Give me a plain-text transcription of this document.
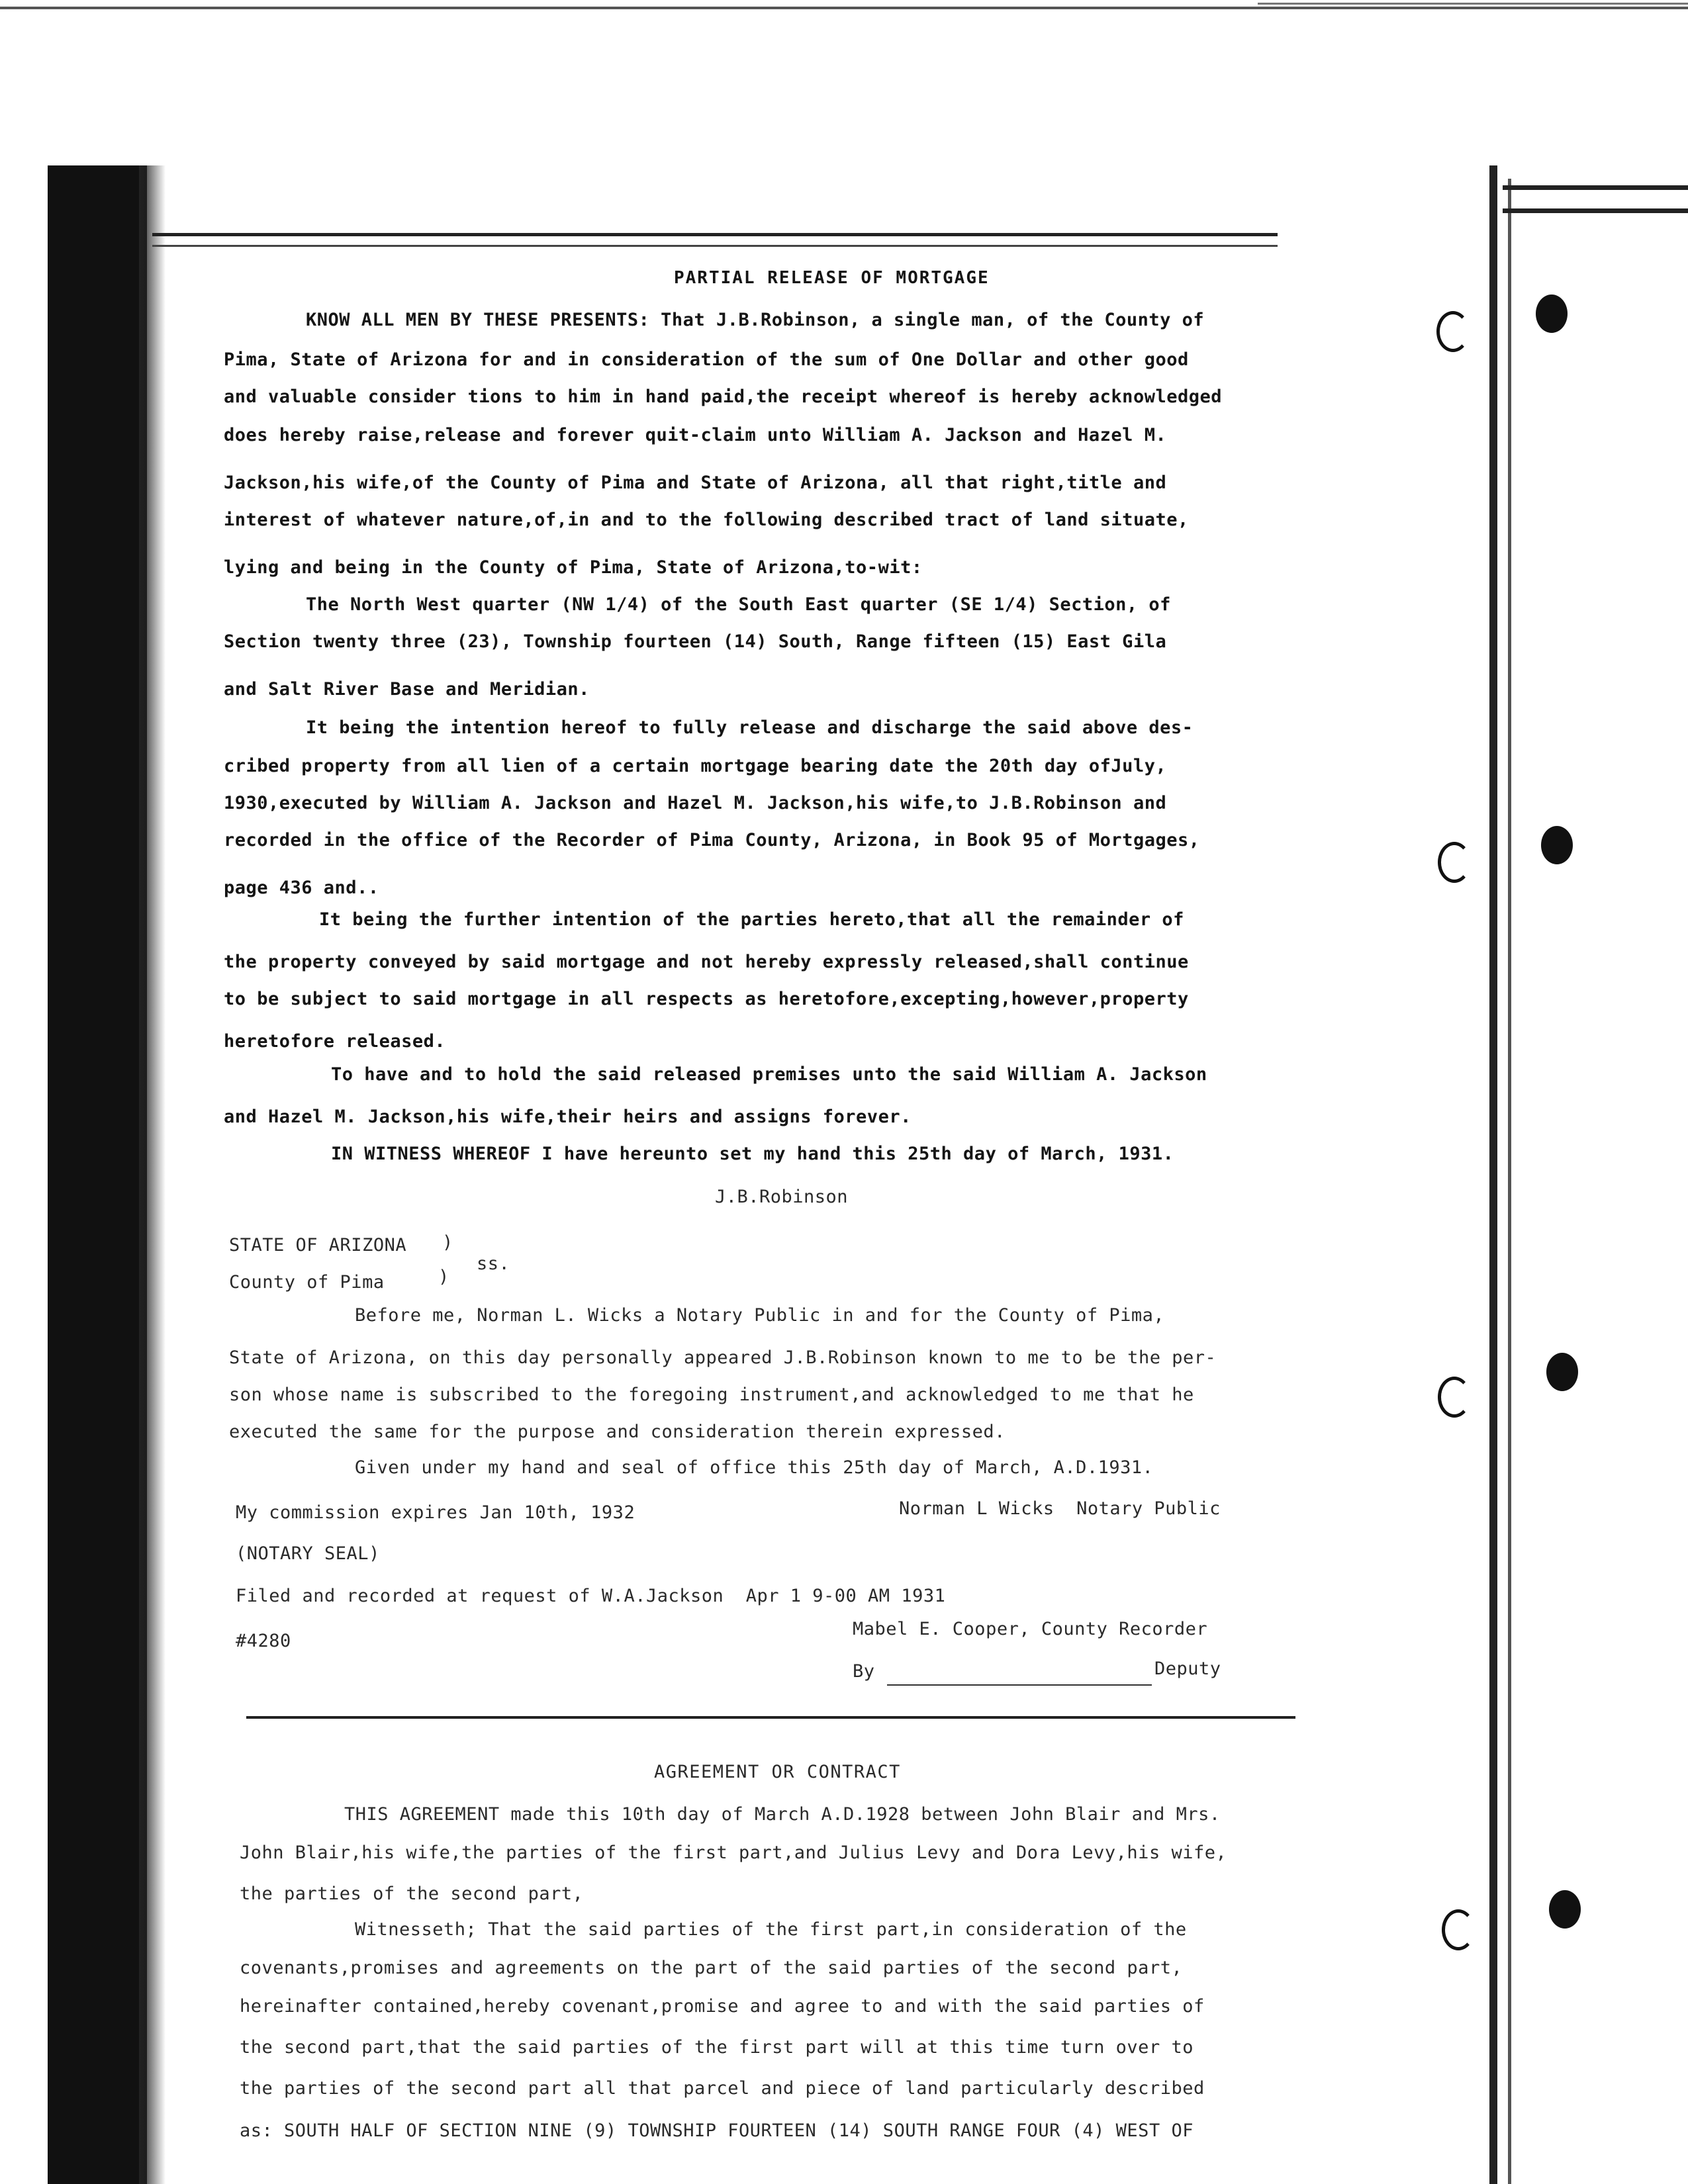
PARTIAL RELEASE OF MORTGAGE
KNOW ALL MEN BY THESE PRESENTS: That J.B.Robinson, a single man, of the County of
Pima, State of Arizona for and in consideration of the sum of One Dollar and other good
and valuable consider tions to him in hand paid,the receipt whereof is hereby acknowledged
does hereby raise,release and forever quit-claim unto William A. Jackson and Hazel M.
Jackson,his wife,of the County of Pima and State of Arizona, all that right,title and
interest of whatever nature,of,in and to the following described tract of land situate,
lying and being in the County of Pima, State of Arizona,to-wit:
The North West quarter (NW 1/4) of the South East quarter (SE 1/4) Section, of
Section twenty three (23), Township fourteen (14) South, Range fifteen (15) East Gila
and Salt River Base and Meridian.
It being the intention hereof to fully release and discharge the said above des-
cribed property from all lien of a certain mortgage bearing date the 20th day ofJuly,
1930,executed by William A. Jackson and Hazel M. Jackson,his wife,to J.B.Robinson and
recorded in the office of the Recorder of Pima County, Arizona, in Book 95 of Mortgages,
page 436 and..
It being the further intention of the parties hereto,that all the remainder of
the property conveyed by said mortgage and not hereby expressly released,shall continue
to be subject to said mortgage in all respects as heretofore,excepting,however,property
heretofore released.
To have and to hold the said released premises unto the said William A. Jackson
and Hazel M. Jackson,his wife,their heirs and assigns forever.
IN WITNESS WHEREOF I have hereunto set my hand this 25th day of March, 1931.
J.B.Robinson
STATE OF ARIZONA )
ss.
County of Pima	)
Before me, Norman L. Wicks a Notary Public in and for the County of Pima,
State of Arizona, on this day personally appeared J.B.Robinson known to me to be the per-
son whose name is subscribed to the foregoing instrument,and acknowledged to me that he
executed the same for the purpose and consideration therein expressed.
Given under my hand and seal of office this 25th day of March, A.D.1931.
My commission expires Jan 10th, 1932	Norman L Wicks  Notary Public
(NOTARY SEAL)
Filed and recorded at request of W.A.Jackson  Apr 1 9-00 AM 1931
Mabel E. Cooper, County Recorder
#4280
By	Deputy
AGREEMENT OR CONTRACT
THIS AGREEMENT made this 10th day of March A.D.1928 between John Blair and Mrs.
John Blair,his wife,the parties of the first part,and Julius Levy and Dora Levy,his wife,
the parties of the second part,
Witnesseth; That the said parties of the first part,in consideration of the
covenants,promises and agreements on the part of the said parties of the second part,
hereinafter contained,hereby covenant,promise and agree to and with the said parties of
the second part,that the said parties of the first part will at this time turn over to
the parties of the second part all that parcel and piece of land particularly described
as: SOUTH HALF OF SECTION NINE (9) TOWNSHIP FOURTEEN (14) SOUTH RANGE FOUR (4) WEST OF
